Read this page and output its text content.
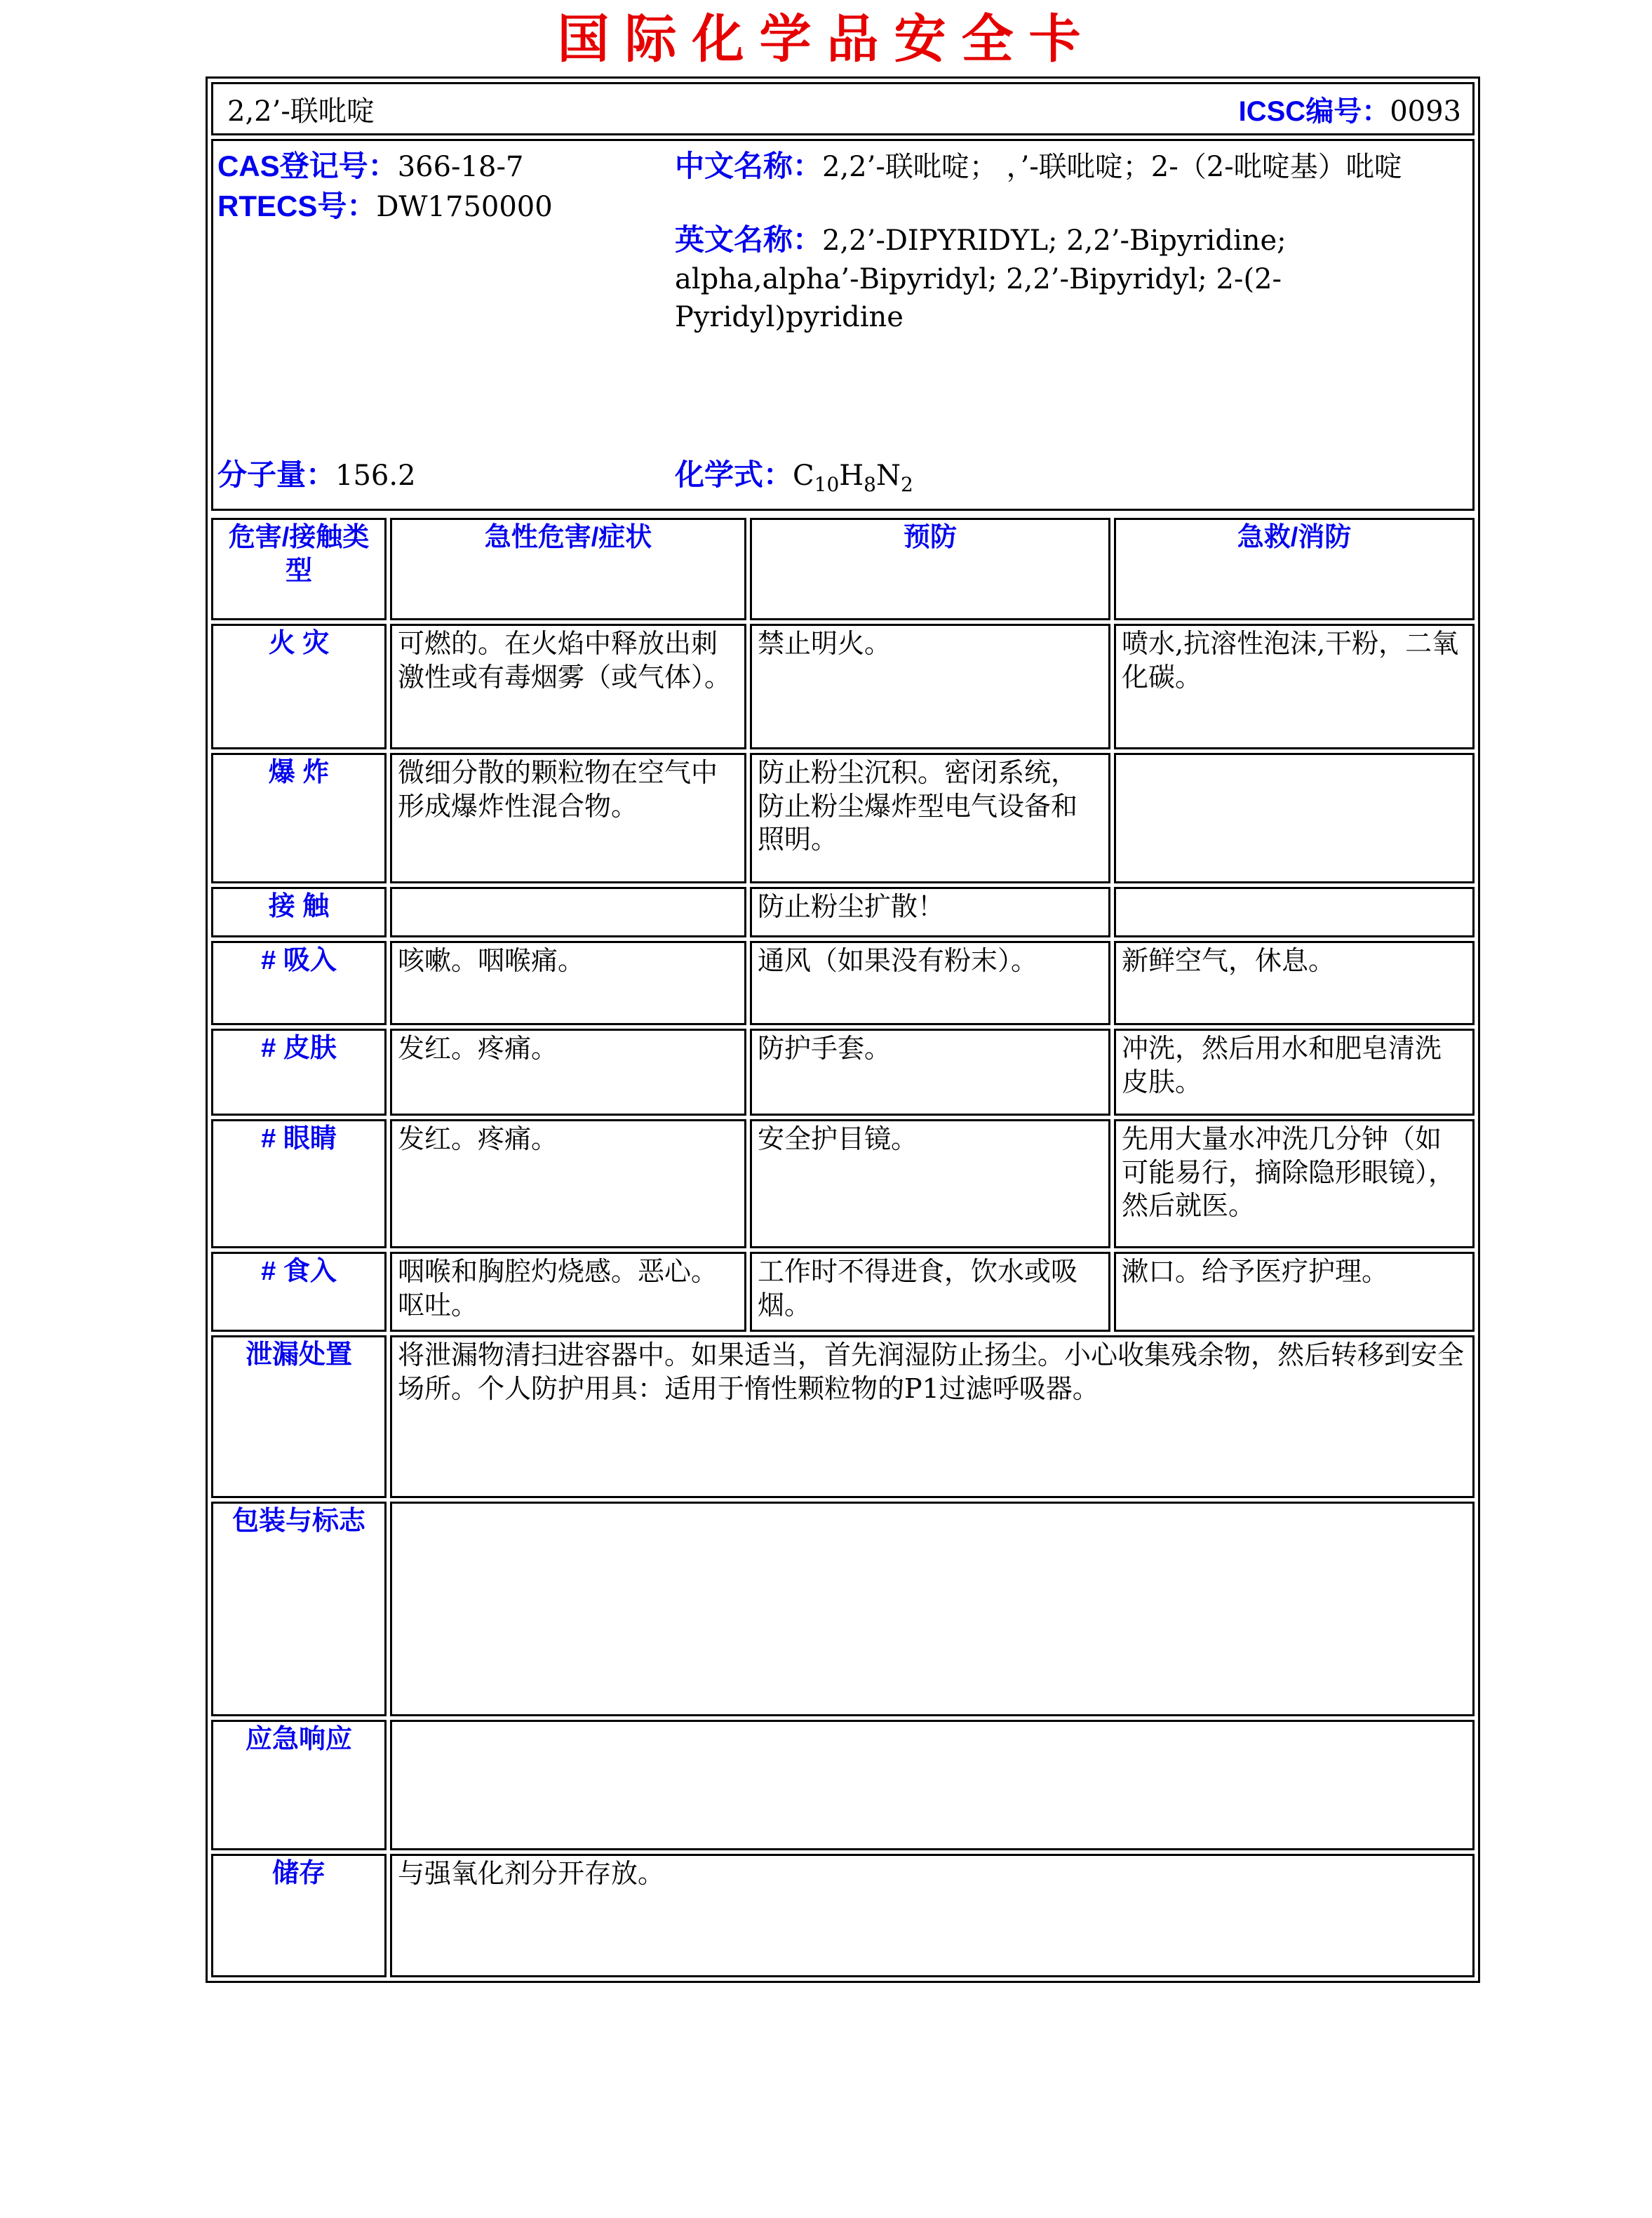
国际化学品安全卡
2,2’-联吡啶	ICSC编号：0093
CAS登记号：366-18-7
RTECS号：DW1750000

中文名称：2,2’-联吡啶； ，’-联吡啶；2-（2-吡啶基）吡啶

英文名称：2,2’-DIPYRIDYL; 2,2’-Bipyridine; alpha,alpha’-Bipyridyl; 2,2’-Bipyridyl; 2-(2-Pyridyl)pyridine

分子量：156.2	化学式：$C_{10}H_8N_2$
危害/接触类型	急性危害/症状	预防	急救/消防
火 灾	可燃的。在火焰中释放出刺激性或有毒烟雾（或气体）。	禁止明火。	喷水,抗溶性泡沫,干粉，二氧化碳。
爆 炸	微细分散的颗粒物在空气中形成爆炸性混合物。	防止粉尘沉积。密闭系统，防止粉尘爆炸型电气设备和照明。	
接 触		防止粉尘扩散！	
# 吸入	咳嗽。咽喉痛。	通风（如果没有粉末）。	新鲜空气，休息。
# 皮肤	发红。疼痛。	防护手套。	冲洗，然后用水和肥皂清洗皮肤。
# 眼睛	发红。疼痛。	安全护目镜。	先用大量水冲洗几分钟（如可能易行，摘除隐形眼镜），然后就医。
# 食入	咽喉和胸腔灼烧感。恶心。呕吐。	工作时不得进食，饮水或吸烟。	漱口。给予医疗护理。
泄漏处置	将泄漏物清扫进容器中。如果适当，首先润湿防止扬尘。小心收集残余物，然后转移到安全场所。个人防护用具：适用于惰性颗粒物的P1过滤呼吸器。		
包装与标志			
应急响应			
储存	与强氧化剂分开存放。		
